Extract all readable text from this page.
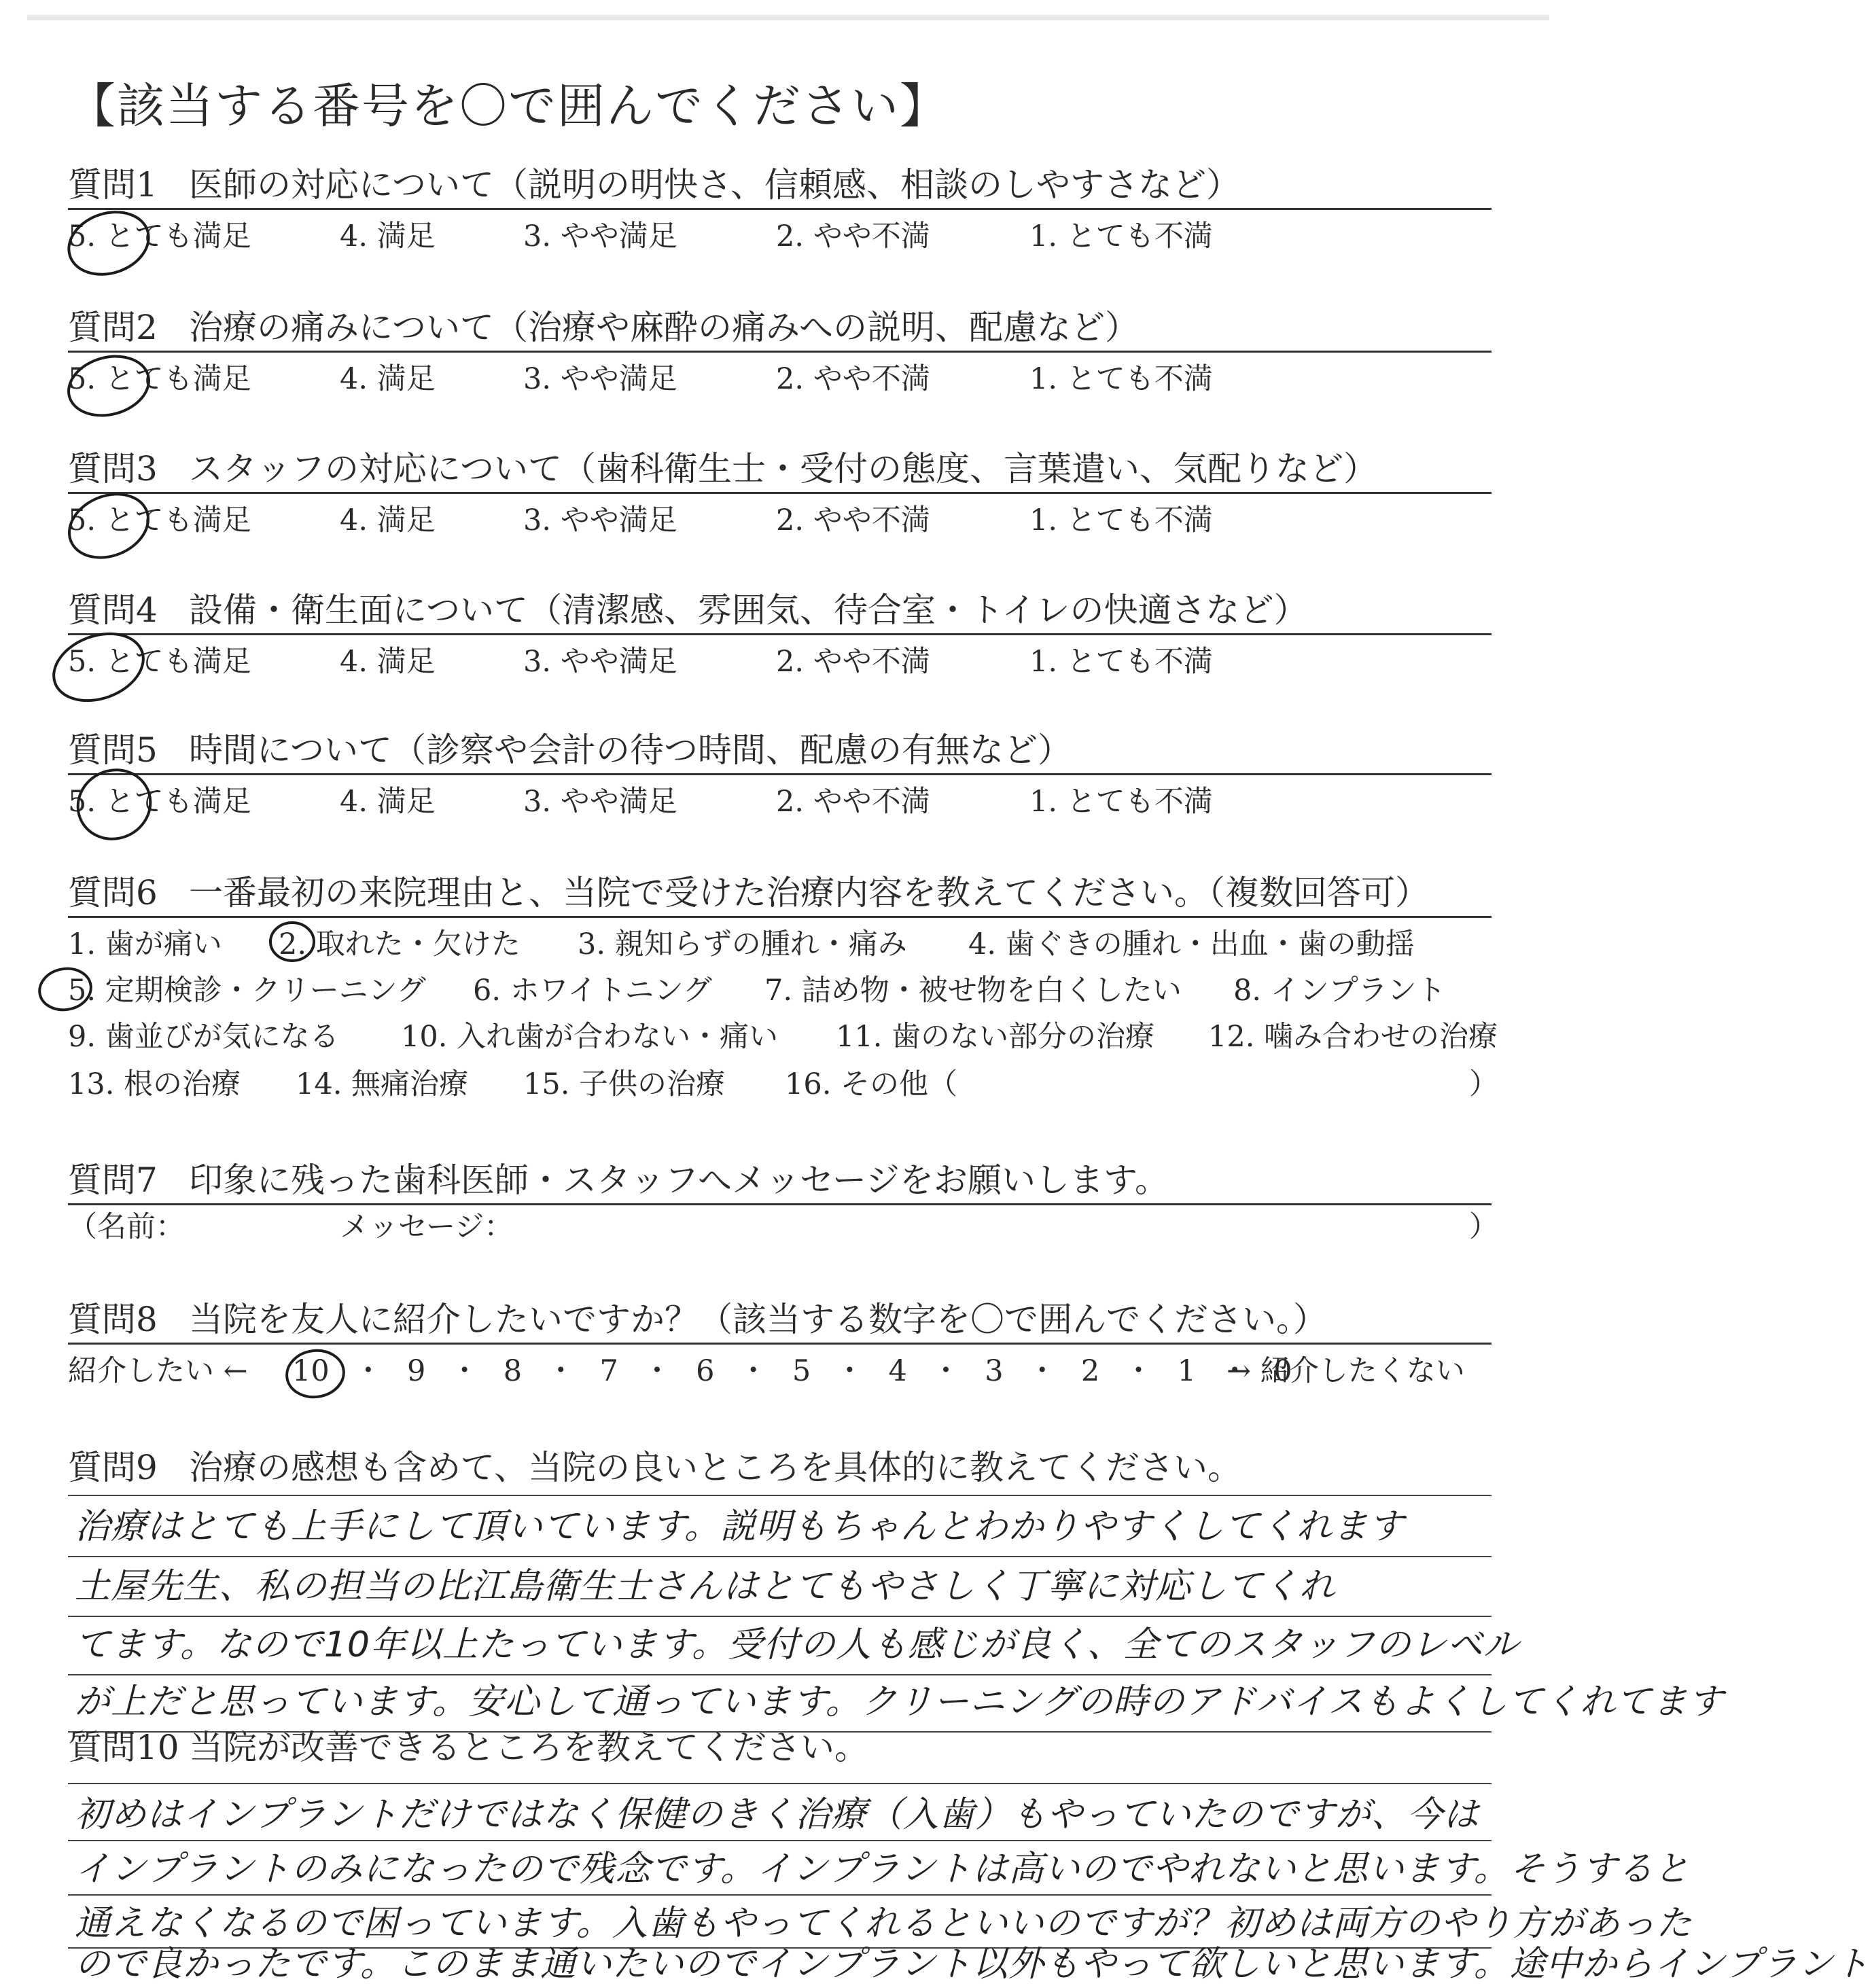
【該当する番号を〇で囲んでください】
質問1 医師の対応について（説明の明快さ、信頼感、相談のしやすさなど）
5. とても満足	4. 満足	3. やや満足	2. やや不満	1. とても不満
質問2 治療の痛みについて（治療や麻酔の痛みへの説明、配慮など）
5. とても満足	4. 満足	3. やや満足	2. やや不満	1. とても不満
質問3 スタッフの対応について（歯科衛生士・受付の態度、言葉遣い、気配りなど）
5. とても満足	4. 満足	3. やや満足	2. やや不満	1. とても不満
質問4 設備・衛生面について（清潔感、雰囲気、待合室・トイレの快適さなど）
5. とても満足	4. 満足	3. やや満足	2. やや不満	1. とても不満
質問5 時間について（診察や会計の待つ時間、配慮の有無など）
5. とても満足	4. 満足	3. やや満足	2. やや不満	1. とても不満
質問6 一番最初の来院理由と、当院で受けた治療内容を教えてください。（複数回答可）
1. 歯が痛い 2. 取れた・欠けた 3. 親知らずの腫れ・痛み 4. 歯ぐきの腫れ・出血・歯の動揺
5. 定期検診・クリーニング 6. ホワイトニング 7. 詰め物・被せ物を白くしたい 8. インプラント
9. 歯並びが気になる 10. 入れ歯が合わない・痛い 11. 歯のない部分の治療 12. 噛み合わせの治療
13. 根の治療 14. 無痛治療 15. 子供の治療 16. その他（	）
質問7 印象に残った歯科医師・スタッフへメッセージをお願いします。
（名前：	メッセージ：	）
質問8 当院を友人に紹介したいですか？（該当する数字を〇で囲んでください。）
紹介したい ← 10 ・ 9 ・ 8 ・ 7 ・ 6 ・ 5 ・ 4 ・ 3 ・ 2 ・ 1 ・ 0
→ 紹介したくない
質問9 治療の感想も含めて、当院の良いところを具体的に教えてください。
治療はとても上手にして頂いています。説明もちゃんとわかりやすくしてくれます
土屋先生、私の担当の比江島衛生士さんはとてもやさしく丁寧に対応してくれ
てます。なので10年以上たっています。受付の人も感じが良く、全てのスタッフのレベル
が上だと思っています。安心して通っています。クリーニングの時のアドバイスもよくしてくれてます
質問10 当院が改善できるところを教えてください。
初めはインプラントだけではなく保健のきく治療（入歯）もやっていたのですが、今は
インプラントのみになったので残念です。インプラントは高いのでやれないと思います。そうすると
通えなくなるので困っています。入歯もやってくれるといいのですが？初めは両方のやり方があった
ので良かったです。このまま通いたいのでインプラント以外もやって欲しいと思います。途中からインプラント
